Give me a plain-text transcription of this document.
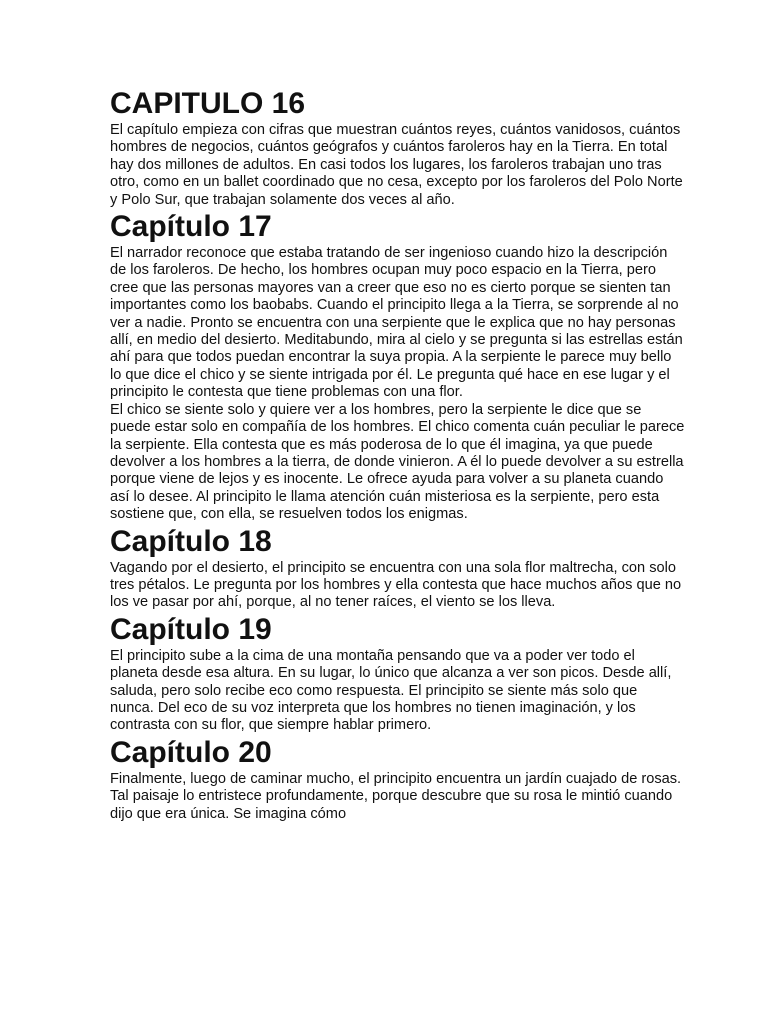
CAPITULO 16

El capítulo empieza con cifras que muestran cuántos reyes, cuántos vanidosos, cuántos hombres de negocios, cuántos geógrafos y cuántos faroleros hay en la Tierra. En total hay dos millones de adultos. En casi todos los lugares, los faroleros trabajan uno tras otro, como en un ballet coordinado que no cesa, excepto por los faroleros del Polo Norte y Polo Sur, que trabajan solamente dos veces al año.

Capítulo 17

El narrador reconoce que estaba tratando de ser ingenioso cuando hizo la descripción de los faroleros. De hecho, los hombres ocupan muy poco espacio en la Tierra, pero cree que las personas mayores van a creer que eso no es cierto porque se sienten tan importantes como los baobabs. Cuando el principito llega a la Tierra, se sorprende al no ver a nadie. Pronto se encuentra con una serpiente que le explica que no hay personas allí, en medio del desierto. Meditabundo, mira al cielo y se pregunta si las estrellas están ahí para que todos puedan encontrar la suya propia. A la serpiente le parece muy bello lo que dice el chico y se siente intrigada por él. Le pregunta qué hace en ese lugar y el principito le contesta que tiene problemas con una flor.

El chico se siente solo y quiere ver a los hombres, pero la serpiente le dice que se puede estar solo en compañía de los hombres. El chico comenta cuán peculiar le parece la serpiente. Ella contesta que es más poderosa de lo que él imagina, ya que puede devolver a los hombres a la tierra, de donde vinieron. A él lo puede devolver a su estrella porque viene de lejos y es inocente. Le ofrece ayuda para volver a su planeta cuando así lo desee. Al principito le llama atención cuán misteriosa es la serpiente, pero esta sostiene que, con ella, se resuelven todos los enigmas.

Capítulo 18

Vagando por el desierto, el principito se encuentra con una sola flor maltrecha, con solo tres pétalos. Le pregunta por los hombres y ella contesta que hace muchos años que no los ve pasar por ahí, porque, al no tener raíces, el viento se los lleva.

Capítulo 19

El principito sube a la cima de una montaña pensando que va a poder ver todo el planeta desde esa altura. En su lugar, lo único que alcanza a ver son picos. Desde allí, saluda, pero solo recibe eco como respuesta. El principito se siente más solo que nunca. Del eco de su voz interpreta que los hombres no tienen imaginación, y los contrasta con su flor, que siempre hablar primero.

Capítulo 20

Finalmente, luego de caminar mucho, el principito encuentra un jardín cuajado de rosas. Tal paisaje lo entristece profundamente, porque descubre que su rosa le mintió cuando dijo que era única. Se imagina cómo
